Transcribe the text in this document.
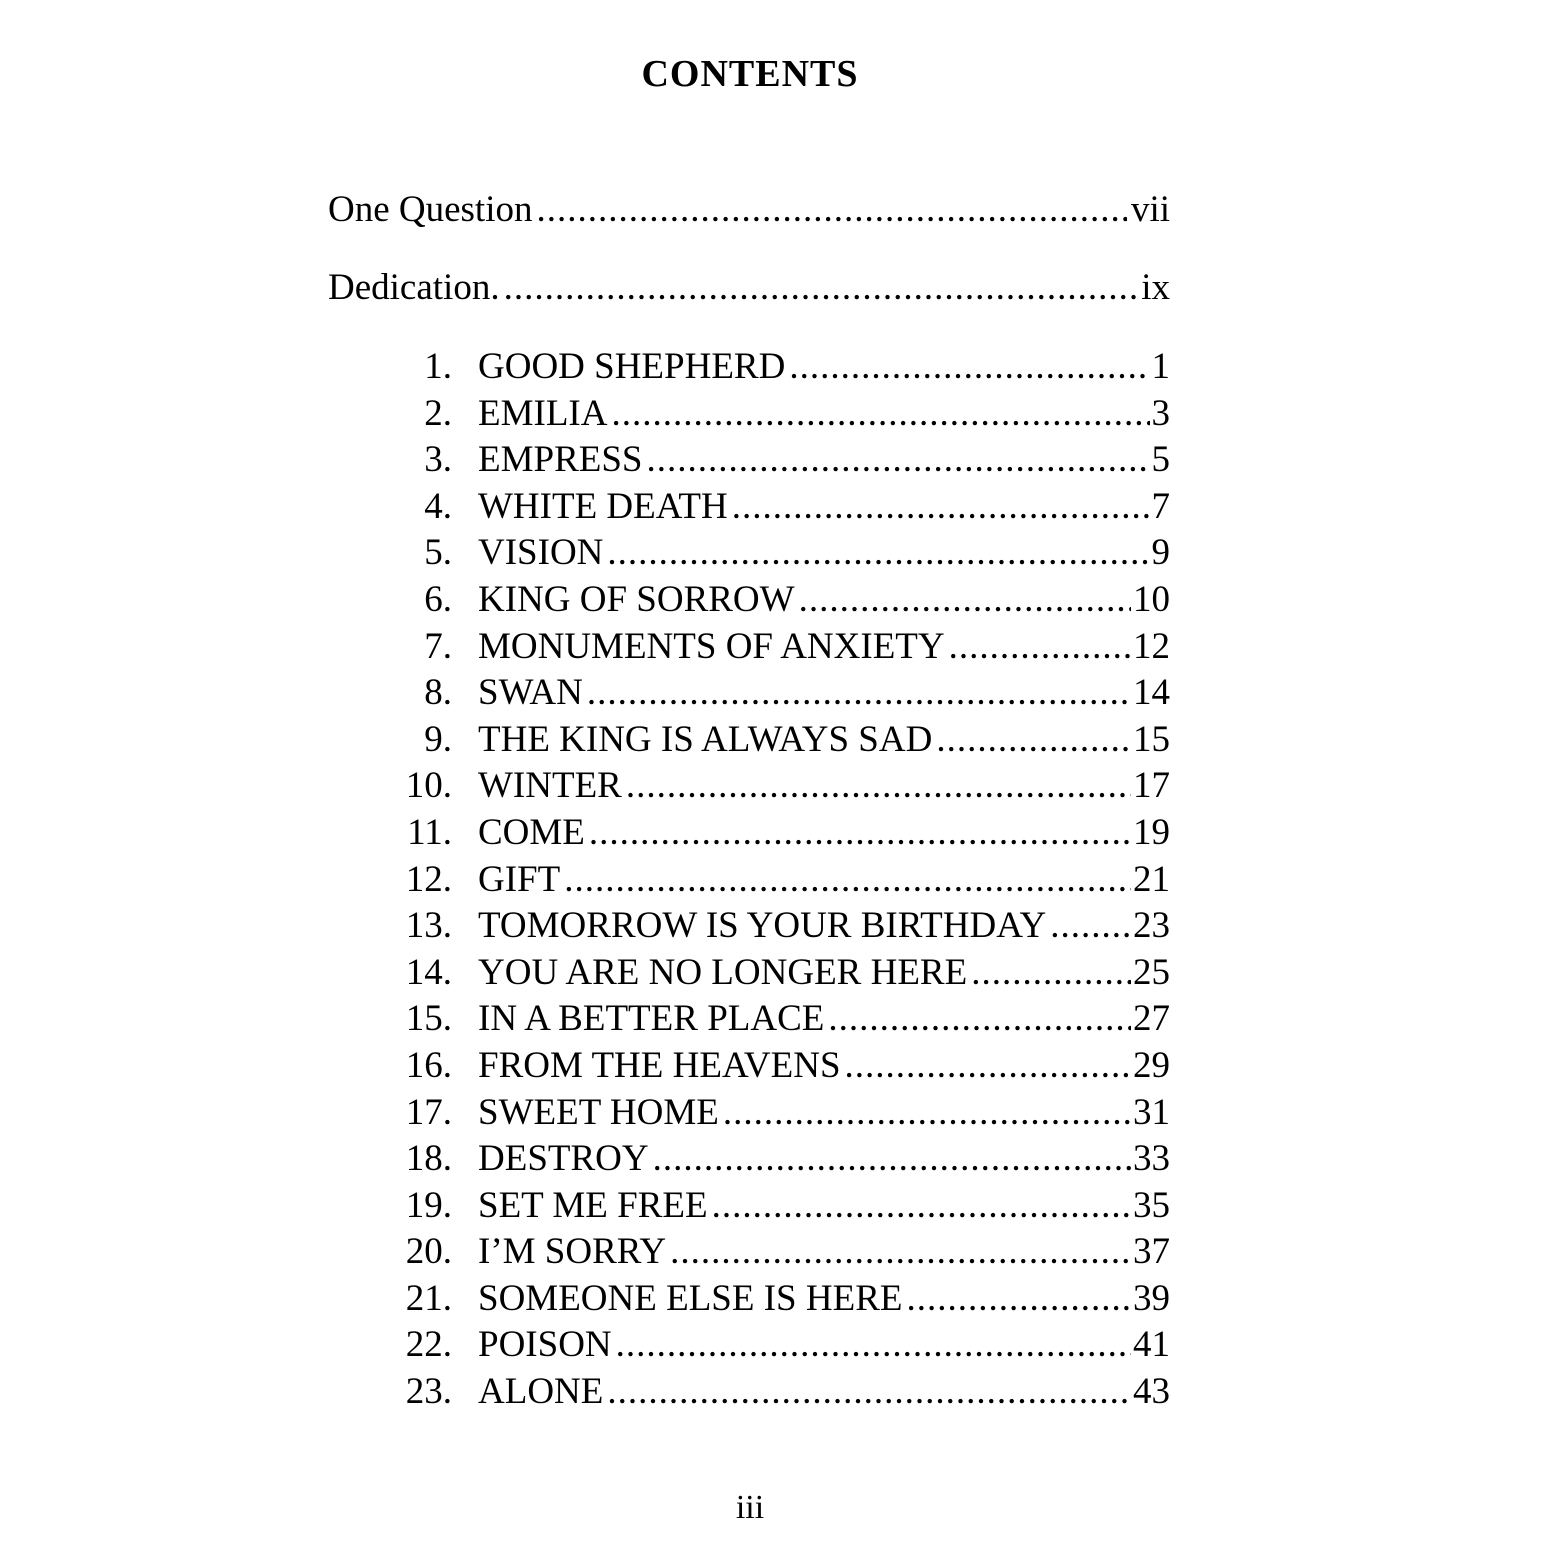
CONTENTS
One Question .....	vii
Dedication. .....	ix
1. GOOD SHEPHERD .....	1
2. EMILIA .....	3
3. EMPRESS .....	5
4. WHITE DEATH .....	7
5. VISION .....	9
6. KING OF SORROW .....	10
7. MONUMENTS OF ANXIETY .....	12
8. SWAN .....	14
9. THE KING IS ALWAYS SAD .....	15
10. WINTER .....	17
11. COME .....	19
12. GIFT .....	21
13. TOMORROW IS YOUR BIRTHDAY ..... 23
14. YOU ARE NO LONGER HERE .....	25
15. IN A BETTER PLACE .....	27
16. FROM THE HEAVENS .....	29
17. SWEET HOME .....	31
18. DESTROY .....	33
19. SET ME FREE .....	35
20. I’M SORRY .....	37
21. SOMEONE ELSE IS HERE .....	39
22. POISON .....	41
23. ALONE .....	43
iii
